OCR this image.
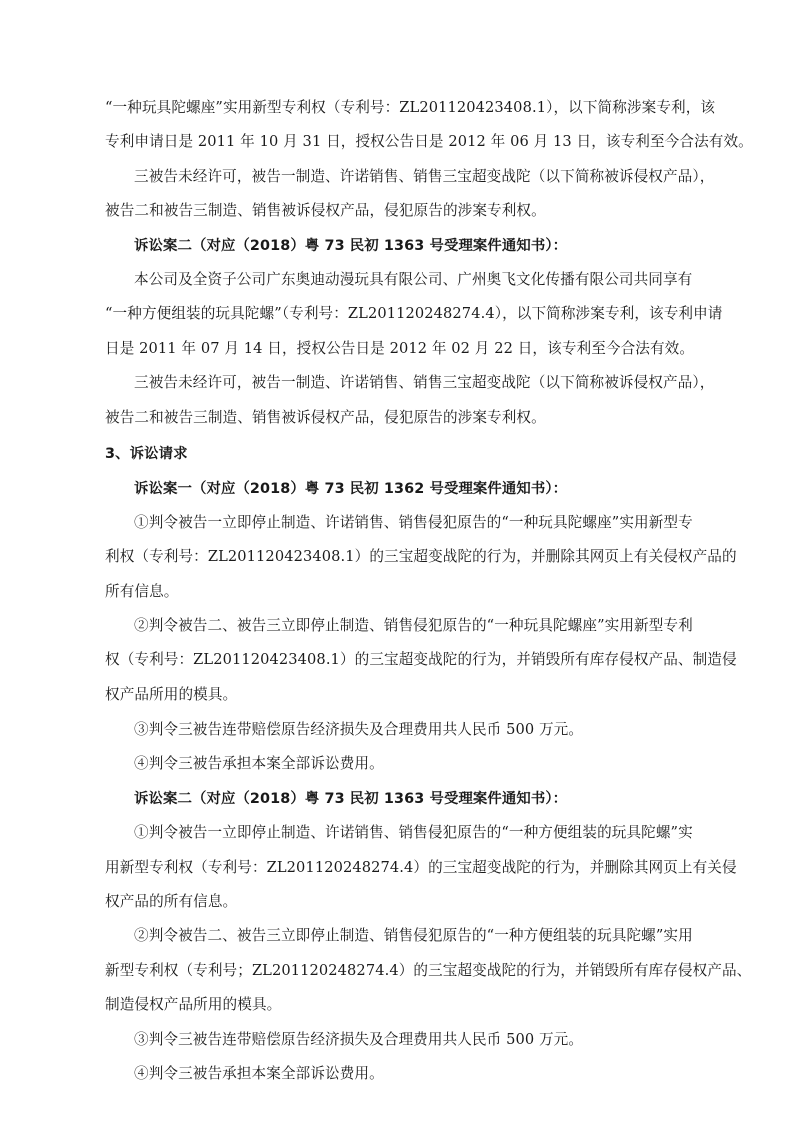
“一种玩具陀螺座”实用新型专利权（专利号：ZL201120423408.1），以下简称涉案专利，该
专利申请日是 2011 年 10 月 31 日，授权公告日是 2012 年 06 月 13 日，该专利至今合法有效。
三被告未经许可，被告一制造、许诺销售、销售三宝超变战陀（以下简称被诉侵权产品），
被告二和被告三制造、销售被诉侵权产品，侵犯原告的涉案专利权。
诉讼案二（对应（2018）粤 73 民初 1363 号受理案件通知书）：
本公司及全资子公司广东奥迪动漫玩具有限公司、广州奥飞文化传播有限公司共同享有
“一种方便组装的玩具陀螺”（专利号：ZL201120248274.4），以下简称涉案专利，该专利申请
日是 2011 年 07 月 14 日，授权公告日是 2012 年 02 月 22 日，该专利至今合法有效。
三被告未经许可，被告一制造、许诺销售、销售三宝超变战陀（以下简称被诉侵权产品），
被告二和被告三制造、销售被诉侵权产品，侵犯原告的涉案专利权。
3、诉讼请求
诉讼案一（对应（2018）粤 73 民初 1362 号受理案件通知书）：
①判令被告一立即停止制造、许诺销售、销售侵犯原告的“一种玩具陀螺座”实用新型专
利权（专利号：ZL201120423408.1）的三宝超变战陀的行为，并删除其网页上有关侵权产品的
所有信息。
②判令被告二、被告三立即停止制造、销售侵犯原告的“一种玩具陀螺座”实用新型专利
权（专利号：ZL201120423408.1）的三宝超变战陀的行为，并销毁所有库存侵权产品、制造侵
权产品所用的模具。
③判令三被告连带赔偿原告经济损失及合理费用共人民币 500 万元。
④判令三被告承担本案全部诉讼费用。
诉讼案二（对应（2018）粤 73 民初 1363 号受理案件通知书）：
①判令被告一立即停止制造、许诺销售、销售侵犯原告的“一种方便组装的玩具陀螺”实
用新型专利权（专利号：ZL201120248274.4）的三宝超变战陀的行为，并删除其网页上有关侵
权产品的所有信息。
②判令被告二、被告三立即停止制造、销售侵犯原告的“一种方便组装的玩具陀螺”实用
新型专利权（专利号；ZL201120248274.4）的三宝超变战陀的行为，并销毁所有库存侵权产品、
制造侵权产品所用的模具。
③判令三被告连带赔偿原告经济损失及合理费用共人民币 500 万元。
④判令三被告承担本案全部诉讼费用。
